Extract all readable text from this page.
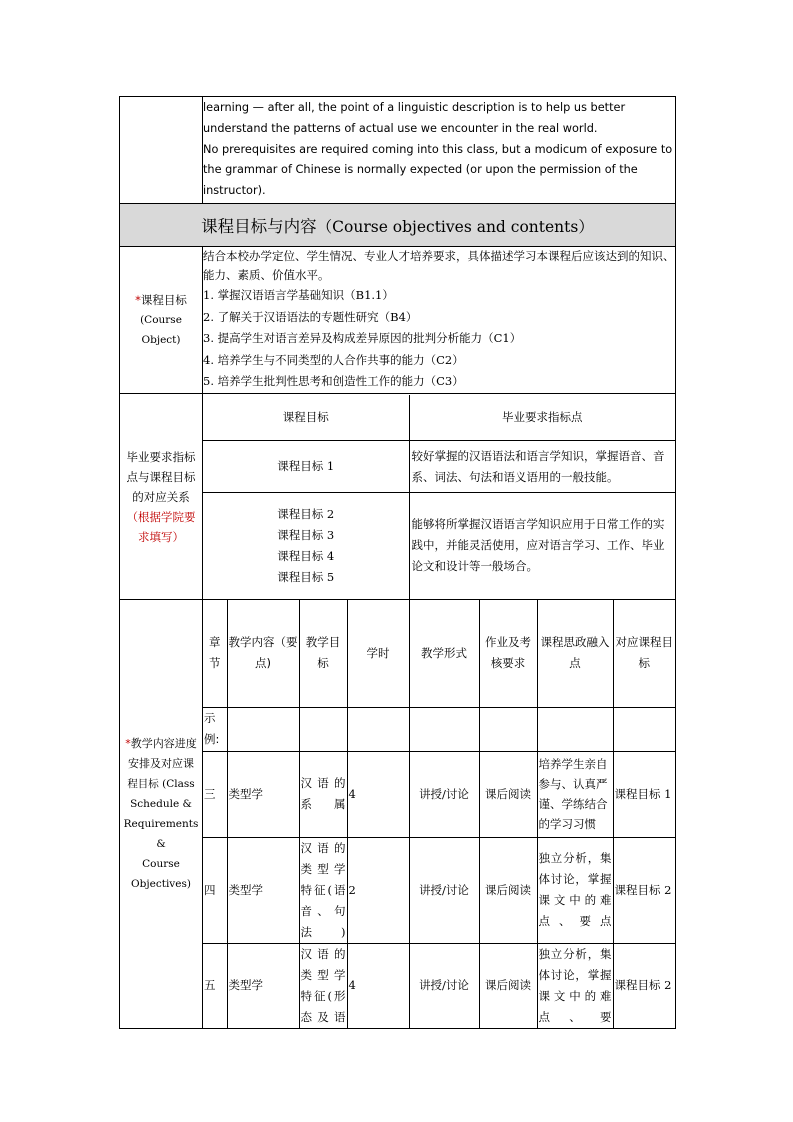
learning — after all, the point of a linguistic description is to help us better
understand the patterns of actual use we encounter in the real world.
No prerequisites are required coming into this class, but a modicum of exposure to
the grammar of Chinese is normally expected (or upon the permission of the
instructor).

课程目标与内容（Course objectives and contents）

*课程目标
(Course Object)

结合本校办学定位、学生情况、专业人才培养要求，具体描述学习本课程后应该达到的知识、能力、素质、价值水平。
1. 掌握汉语语言学基础知识（B1.1）
2. 了解关于汉语语法的专题性研究（B4）
3. 提高学生对语言差异及构成差异原因的批判分析能力（C1）
4. 培养学生与不同类型的人合作共事的能力（C2）
5. 培养学生批判性思考和创造性工作的能力（C3）

毕业要求指标
点与课程目标
的对应关系
（根据学院要
求填写）

课程目标	毕业要求指标点
课程目标 1	较好掌握的汉语语法和语言学知识，掌握语音、音系、词法、句法和语义语用的一般技能。

课程目标 2
课程目标 3
课程目标 4
课程目标 5
	能够将所掌握汉语语言学知识应用于日常工作的实践中，并能灵活使用，应对语言学习、工作、毕业论文和设计等一般场合。

*教学内容进度
安排及对应课
程目标 (Class
Schedule &
Requirements &
Course
Objectives)

章节	教学内容（要点)	教学目标	学时	教学形式	作业及考核要求	课程思政融入点	对应课程目标
示例:							
三	类型学	汉语的系属	4	讲授/讨论	课后阅读	培养学生亲自参与、认真严谨、学练结合的学习习惯	课程目标 1
四	类型学	汉语的类型学特征(语音、句法)	2	讲授/讨论	课后阅读	独立分析，集体讨论，掌握课文中的难点、要点	课程目标 2
五	类型学	汉语的类型学特征(形态及语	4	讲授/讨论	课后阅读	独立分析，集体讨论，掌握课文中的难点、要	课程目标 2
